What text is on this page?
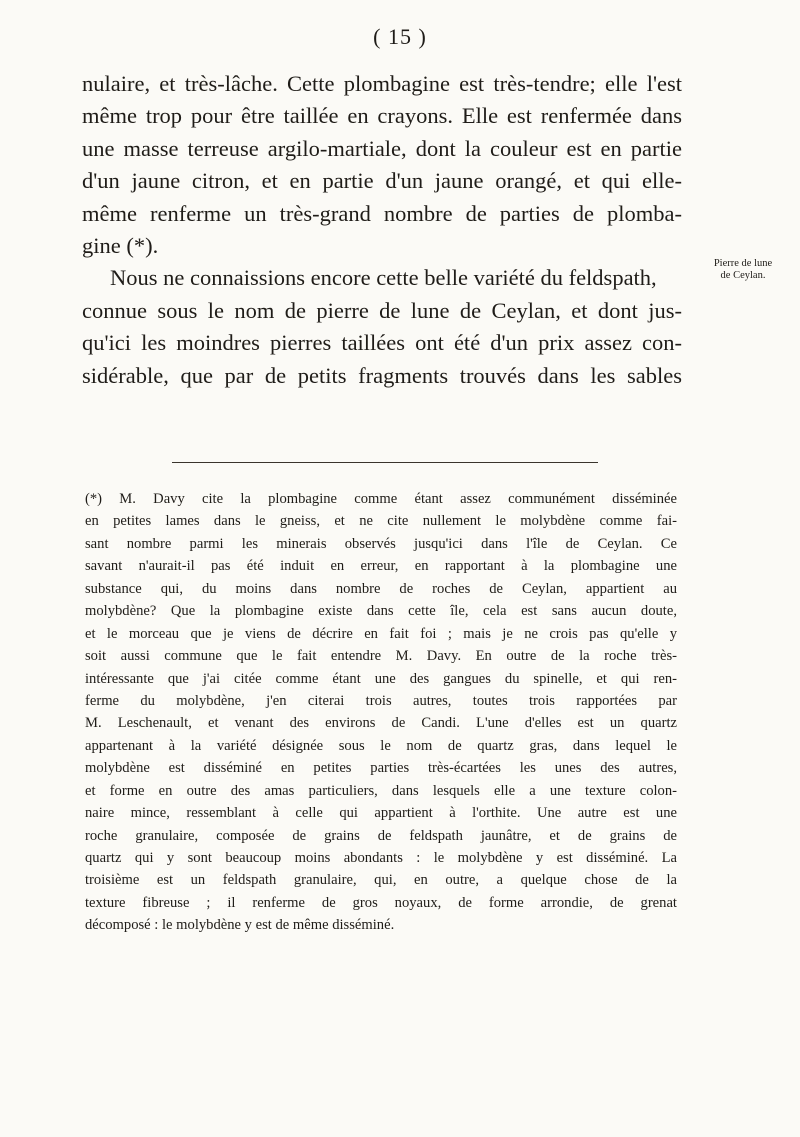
( 15 )
nulaire, et très-lâche. Cette plombagine est très-tendre; elle l'est
même trop pour être taillée en crayons. Elle est renfermée dans
une masse terreuse argilo-martiale, dont la couleur est en partie
d'un jaune citron, et en partie d'un jaune orangé, et qui elle-
même renferme un très-grand nombre de parties de plomba-
gine (*).
Nous ne connaissions encore cette belle variété du feldspath,
connue sous le nom de pierre de lune de Ceylan, et dont jus-
qu'ici les moindres pierres taillées ont été d'un prix assez con-
sidérable, que par de petits fragments trouvés dans les sables
Pierre de lune
de Ceylan.
(*) M. Davy cite la plombagine comme étant assez communément disséminée
en petites lames dans le gneiss, et ne cite nullement le molybdène comme fai-
sant nombre parmi les minerais observés jusqu'ici dans l'île de Ceylan. Ce
savant n'aurait-il pas été induit en erreur, en rapportant à la plombagine une
substance qui, du moins dans nombre de roches de Ceylan, appartient au
molybdène? Que la plombagine existe dans cette île, cela est sans aucun doute,
et le morceau que je viens de décrire en fait foi ; mais je ne crois pas qu'elle y
soit aussi commune que le fait entendre M. Davy. En outre de la roche très-
intéressante que j'ai citée comme étant une des gangues du spinelle, et qui ren-
ferme du molybdène, j'en citerai trois autres, toutes trois rapportées par
M. Leschenault, et venant des environs de Candi. L'une d'elles est un quartz
appartenant à la variété désignée sous le nom de quartz gras, dans lequel le
molybdène est disséminé en petites parties très-écartées les unes des autres,
et forme en outre des amas particuliers, dans lesquels elle a une texture colon-
naire mince, ressemblant à celle qui appartient à l'orthite. Une autre est une
roche granulaire, composée de grains de feldspath jaunâtre, et de grains de
quartz qui y sont beaucoup moins abondants : le molybdène y est disséminé. La
troisième est un feldspath granulaire, qui, en outre, a quelque chose de la
texture fibreuse ; il renferme de gros noyaux, de forme arrondie, de grenat
décomposé : le molybdène y est de même disséminé.
